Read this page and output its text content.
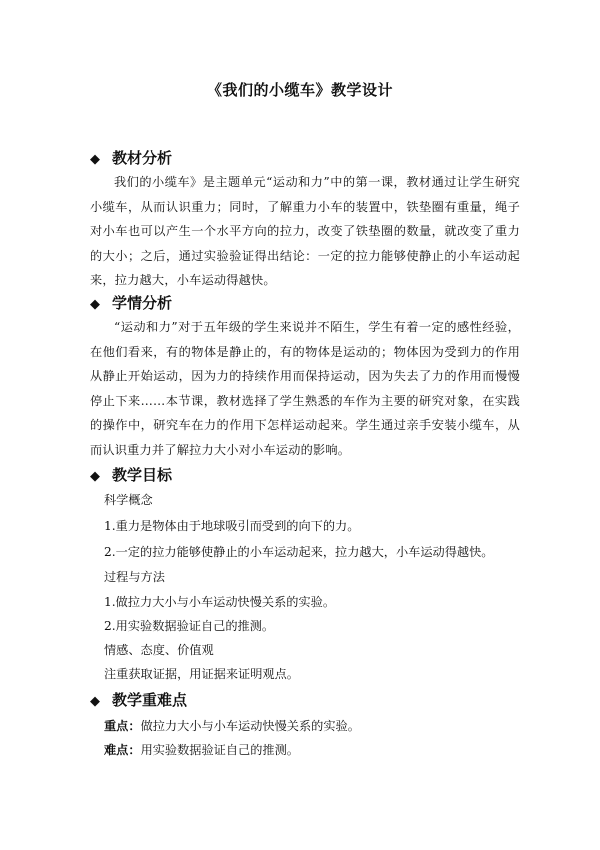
《我们的小缆车》教学设计
◆ 教材分析
我们的小缆车》是主题单元“运动和力”中的第一课，教材通过让学生研究小缆车，从而认识重力；同时，了解重力小车的装置中，铁垫圈有重量，绳子对小车也可以产生一个水平方向的拉力，改变了铁垫圈的数量，就改变了重力的大小；之后，通过实验验证得出结论：一定的拉力能够使静止的小车运动起来，拉力越大，小车运动得越快。
◆ 学情分析
“运动和力”对于五年级的学生来说并不陌生，学生有着一定的感性经验，在他们看来，有的物体是静止的，有的物体是运动的；物体因为受到力的作用从静止开始运动，因为力的持续作用而保持运动，因为失去了力的作用而慢慢停止下来……本节课，教材选择了学生熟悉的车作为主要的研究对象，在实践的操作中，研究车在力的作用下怎样运动起来。学生通过亲手安装小缆车，从而认识重力并了解拉力大小对小车运动的影响。
◆ 教学目标
科学概念
1.重力是物体由于地球吸引而受到的向下的力。
2.一定的拉力能够使静止的小车运动起来，拉力越大，小车运动得越快。
过程与方法
1.做拉力大小与小车运动快慢关系的实验。
2.用实验数据验证自己的推测。
情感、态度、价值观
注重获取证据，用证据来证明观点。
◆ 教学重难点
重点：做拉力大小与小车运动快慢关系的实验。
难点：用实验数据验证自己的推测。
